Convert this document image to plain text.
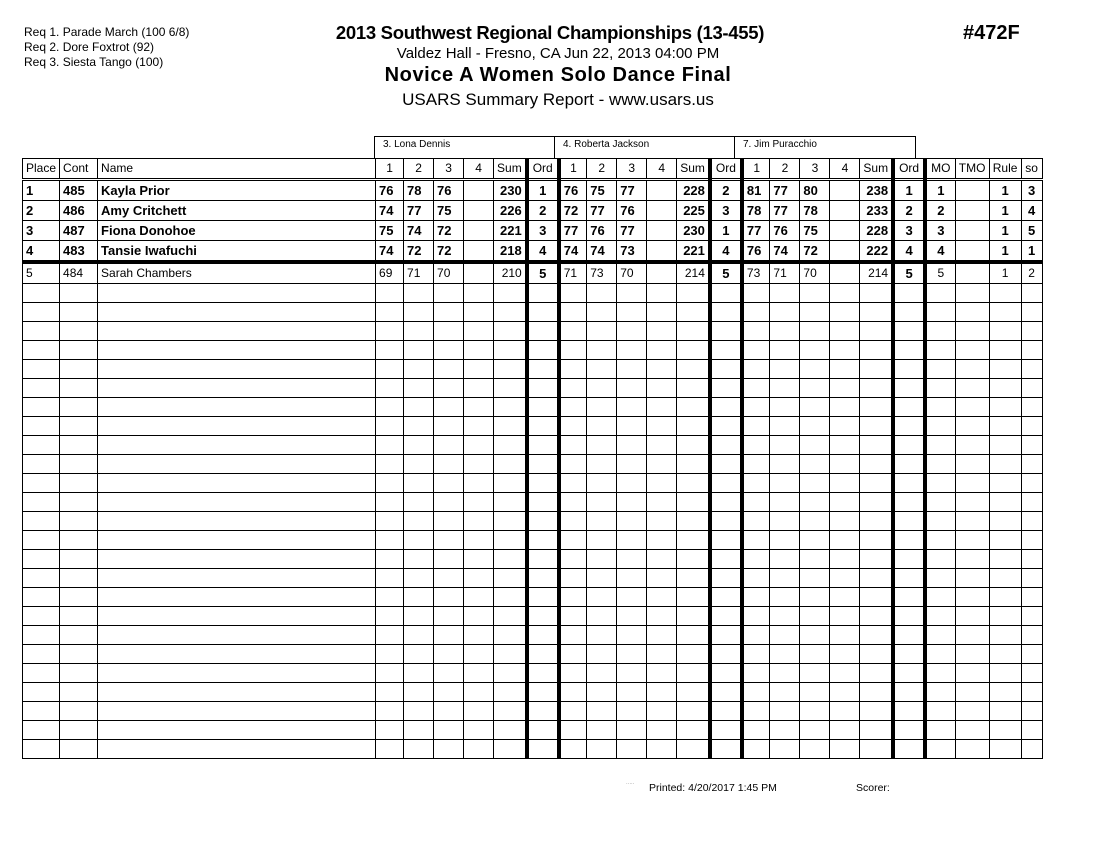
Req 1. Parade March (100 6/8)
Req 2. Dore Foxtrot (92)
Req 3. Siesta Tango (100)
2013 Southwest Regional Championships (13-455)
Valdez Hall - Fresno, CA Jun 22, 2013 04:00 PM
Novice A Women Solo Dance Final
USARS Summary Report - www.usars.us
#472F
3. Lona Dennis	4. Roberta Jackson	7. Jim Puracchio
Place	Cont	Name	1	2	3	4	Sum	Ord	1	2	3	4	Sum	Ord	1	2	3	4	Sum	Ord	MO	TMO	Rule	so
1	485	Kayla Prior	76	78	76		230	1	76	75	77		228	2	81	77	80		238	1	1		1	3
2	486	Amy Critchett	74	77	75		226	2	72	77	76		225	3	78	77	78		233	2	2		1	4
3	487	Fiona Donohoe	75	74	72		221	3	77	76	77		230	1	77	76	75		228	3	3		1	5
4	483	Tansie Iwafuchi	74	72	72		218	4	74	74	73		221	4	76	74	72		222	4	4		1	1
5	484	Sarah Chambers	69	71	70		210	5	71	73	70		214	5	73	71	70		214	5	5		1	2

····· Printed: 4/20/2017 1:45 PM	Scorer:
